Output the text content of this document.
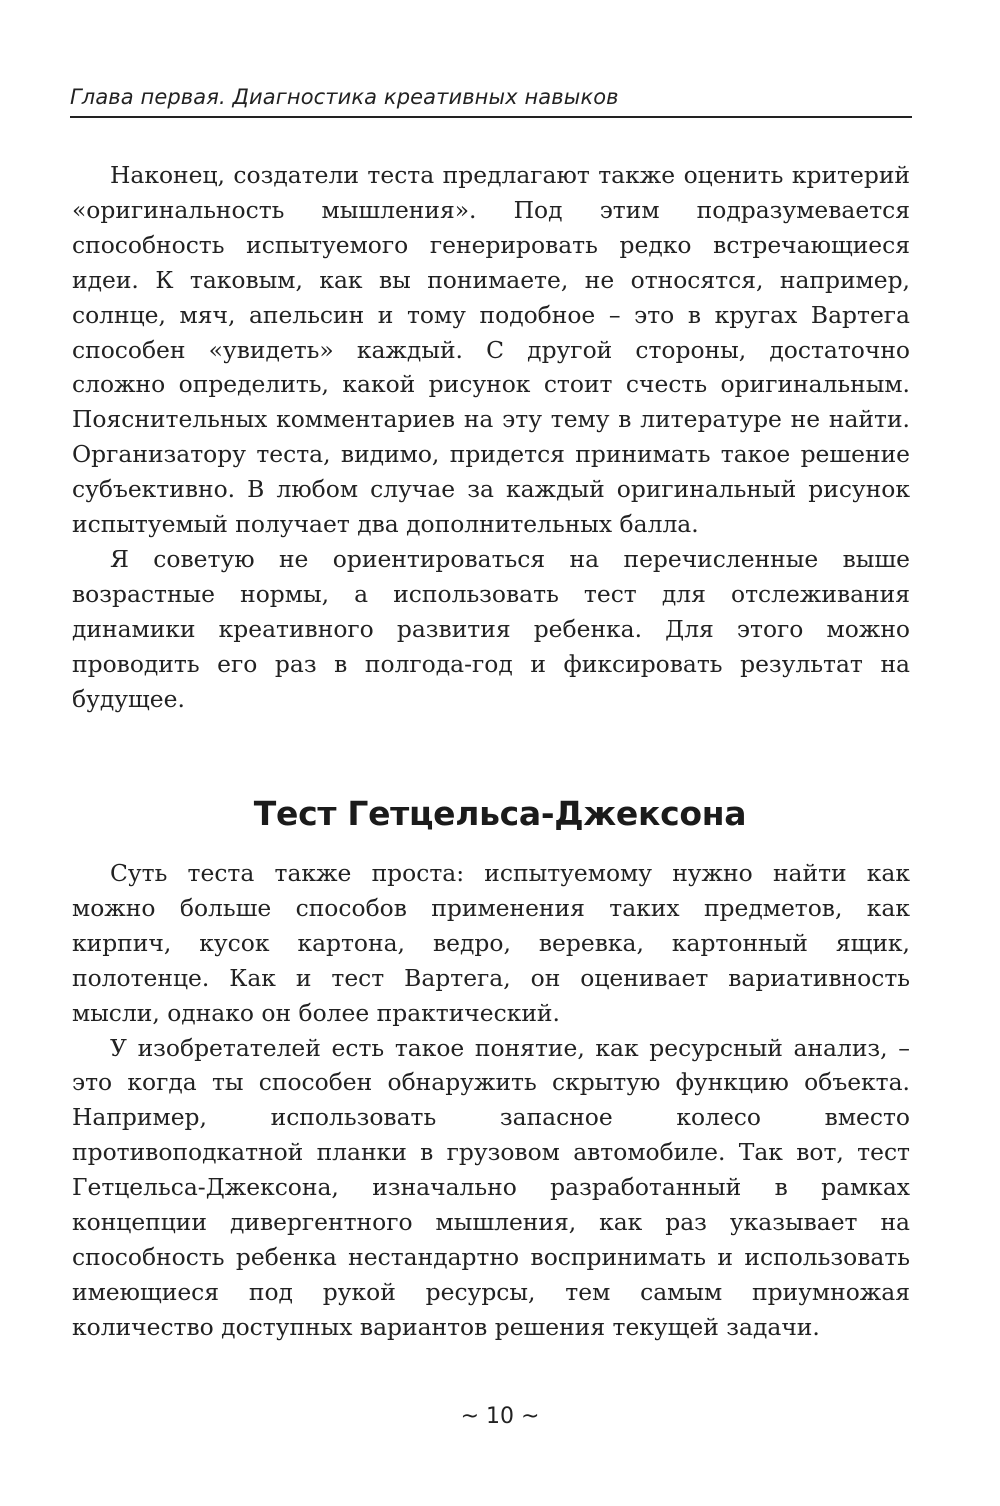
Глава первая. Диагностика креативных навыков

Наконец, создатели теста предлагают также оценить критерий «оригинальность мышления». Под этим подразумевается способность испытуемого генерировать редко встречающиеся идеи. К таковым, как вы понимаете, не относятся, например, солнце, мяч, апельсин и тому подобное – это в кругах Вартега способен «увидеть» каждый. С другой стороны, достаточно сложно определить, какой рисунок стоит счесть оригинальным. Пояснительных комментариев на эту тему в литературе не найти. Организатору теста, видимо, придется принимать такое решение субъективно. В любом случае за каждый оригинальный рисунок испытуемый получает два дополнительных балла.

Я советую не ориентироваться на перечисленные выше возрастные нормы, а использовать тест для отслеживания динамики креативного развития ребенка. Для этого можно проводить его раз в полгода-год и фиксировать результат на будущее.

Тест Гетцельса-Джексона

Суть теста также проста: испытуемому нужно найти как можно больше способов применения таких предметов, как кирпич, кусок картона, ведро, веревка, картонный ящик, полотенце. Как и тест Вартега, он оценивает вариативность мысли, однако он более практический.

У изобретателей есть такое понятие, как ресурсный анализ, – это когда ты способен обнаружить скрытую функцию объекта. Например, использовать запасное колесо вместо противоподкатной планки в грузовом автомобиле. Так вот, тест Гетцельса-Джексона, изначально разработанный в рамках концепции дивергентного мышления, как раз указывает на способность ребенка нестандартно воспринимать и использовать имеющиеся под рукой ресурсы, тем самым приумножая количество доступных вариантов решения текущей задачи.

~ 10 ~
